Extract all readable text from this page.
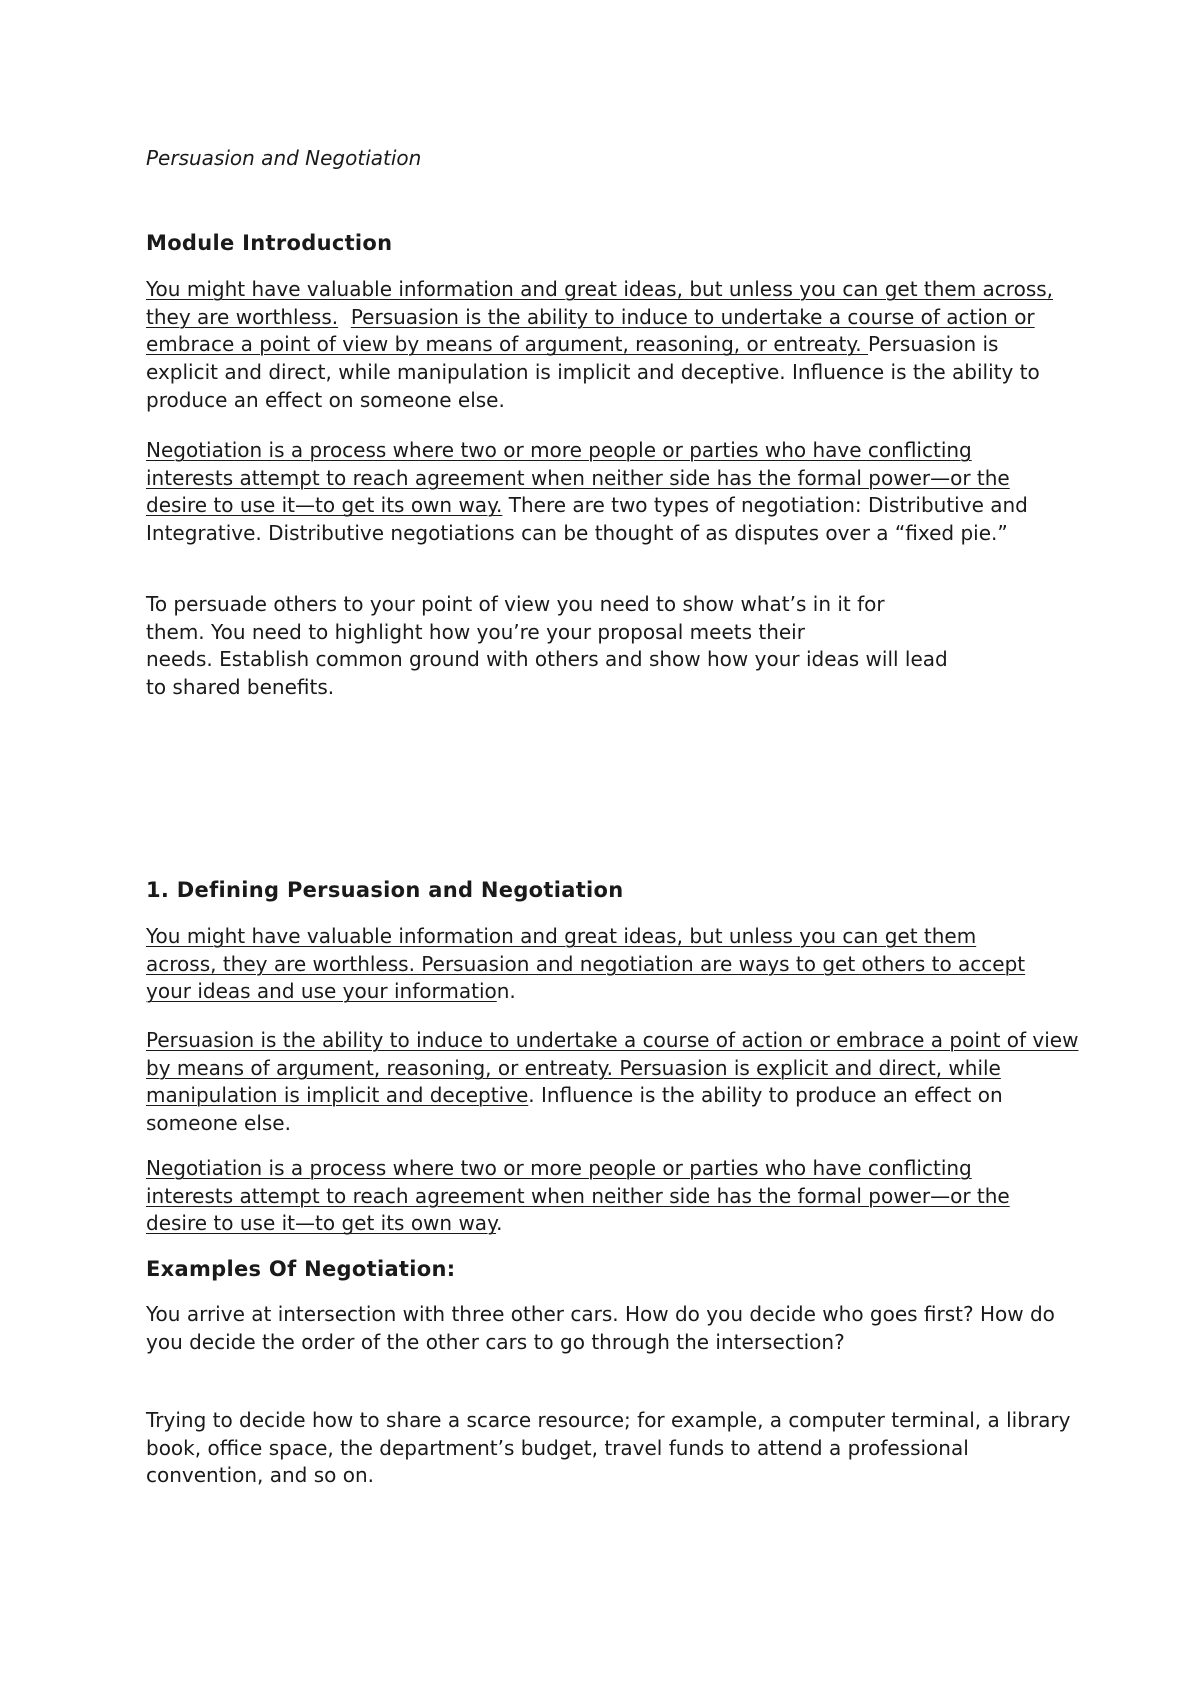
Persuasion and Negotiation

Module Introduction

You might have valuable information and great ideas, but unless you can get them across, they are worthless. Persuasion is the ability to induce to undertake a course of action or embrace a point of view by means of argument, reasoning, or entreaty. Persuasion is explicit and direct, while manipulation is implicit and deceptive. Influence is the ability to produce an effect on someone else.

Negotiation is a process where two or more people or parties who have conflicting interests attempt to reach agreement when neither side has the formal power—or the desire to use it—to get its own way. There are two types of negotiation: Distributive and Integrative. Distributive negotiations can be thought of as disputes over a “fixed pie.”

To persuade others to your point of view you need to show what’s in it for
them. You need to highlight how you’re your proposal meets their
needs. Establish common ground with others and show how your ideas will lead
to shared benefits.

1. Defining Persuasion and Negotiation

You might have valuable information and great ideas, but unless you can get them across, they are worthless. Persuasion and negotiation are ways to get others to accept your ideas and use your information.

Persuasion is the ability to induce to undertake a course of action or embrace a point of view by means of argument, reasoning, or entreaty. Persuasion is explicit and direct, while manipulation is implicit and deceptive. Influence is the ability to produce an effect on someone else.

Negotiation is a process where two or more people or parties who have conflicting interests attempt to reach agreement when neither side has the formal power—or the desire to use it—to get its own way.

Examples Of Negotiation:

You arrive at intersection with three other cars. How do you decide who goes first? How do you decide the order of the other cars to go through the intersection?

Trying to decide how to share a scarce resource; for example, a computer terminal, a library book, office space, the department’s budget, travel funds to attend a professional convention, and so on.
